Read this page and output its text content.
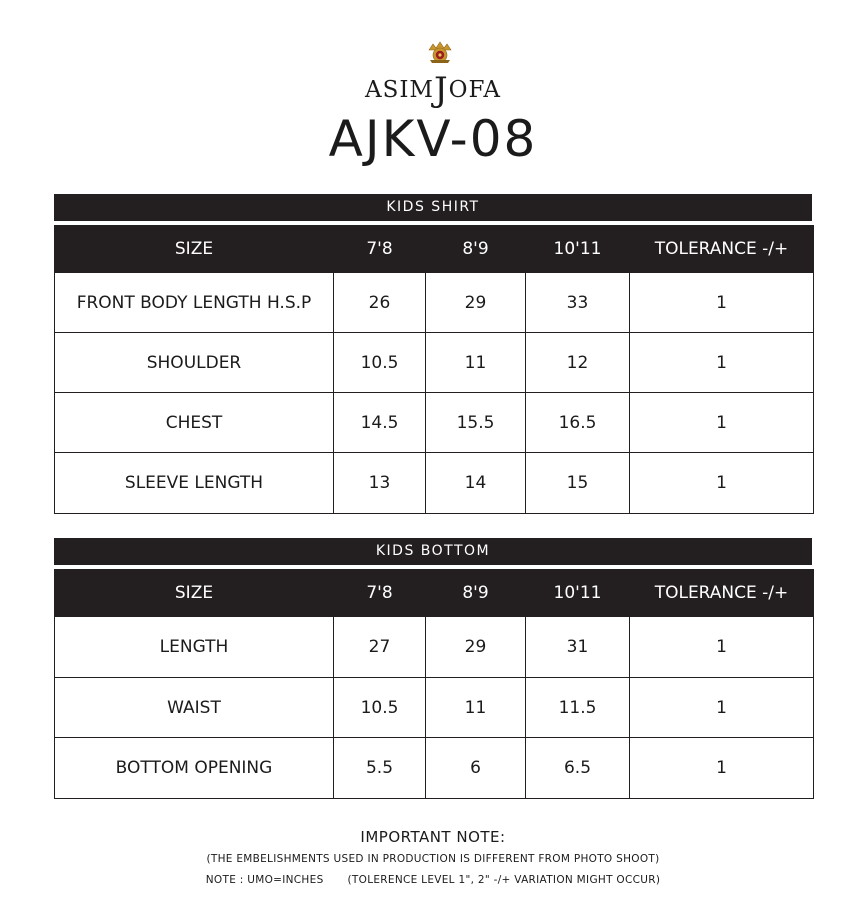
ASIMJOFA
AJKV-08
KIDS SHIRT
SIZE	7'8	8'9	10'11	TOLERANCE -/+
FRONT BODY LENGTH H.S.P	26	29	33	1
SHOULDER	10.5	11	12	1
CHEST	14.5	15.5	16.5	1
SLEEVE LENGTH	13	14	15	1
KIDS BOTTOM
SIZE	7'8	8'9	10'11	TOLERANCE -/+
LENGTH	27	29	31	1
WAIST	10.5	11	11.5	1
BOTTOM OPENING	5.5	6	6.5	1
IMPORTANT NOTE:
(THE EMBELISHMENTS USED IN PRODUCTION IS DIFFERENT FROM PHOTO SHOOT)
NOTE : UMO=INCHES (TOLERENCE LEVEL 1", 2" -/+ VARIATION MIGHT OCCUR)
